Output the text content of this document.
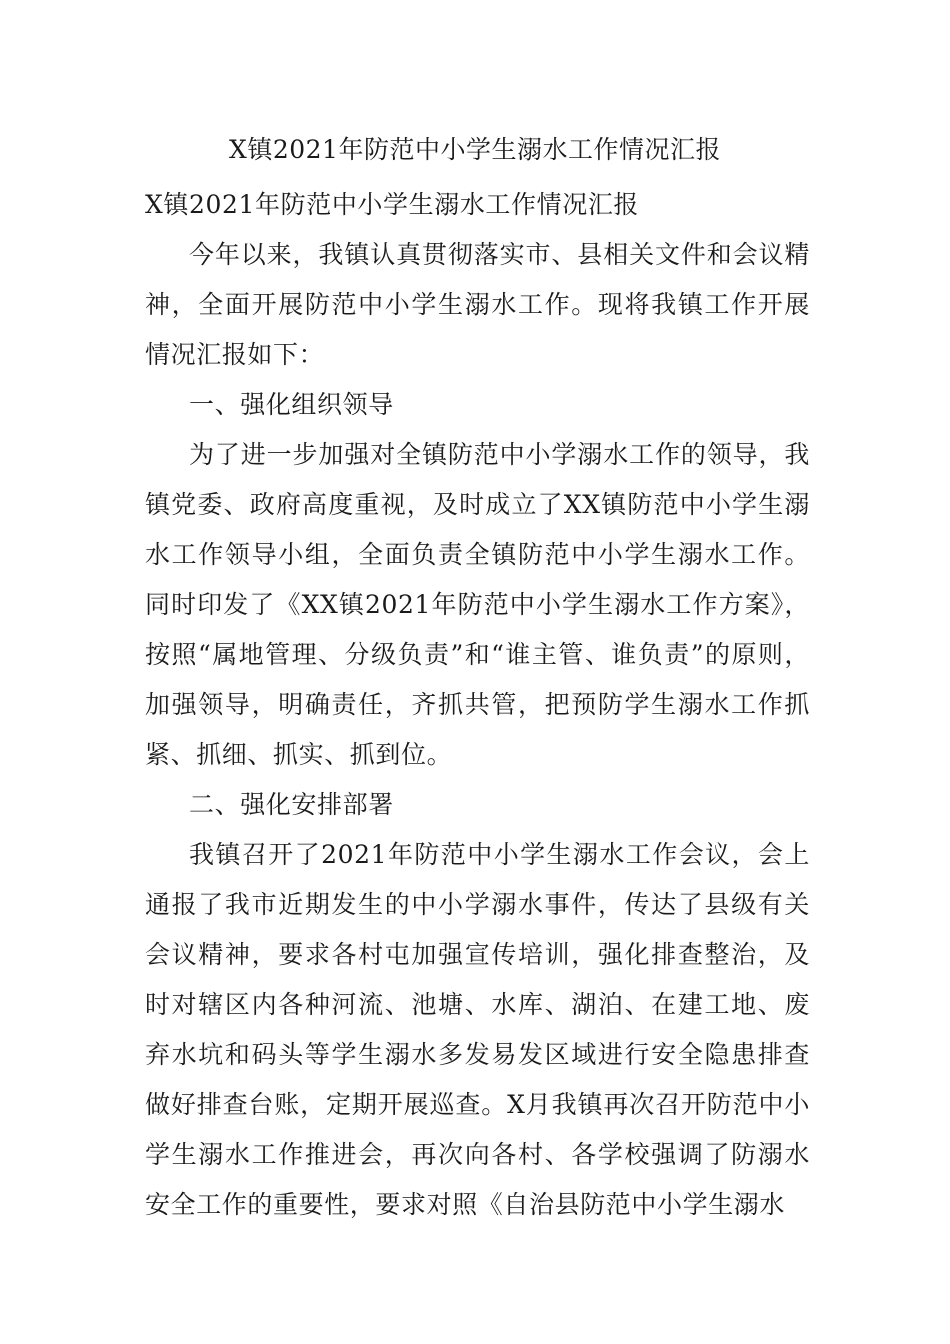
X镇2021年防范中小学生溺水工作情况汇报

X镇2021年防范中小学生溺水工作情况汇报

今年以来，我镇认真贯彻落实市、县相关文件和会议精神，全面开展防范中小学生溺水工作。现将我镇工作开展情况汇报如下：

一、强化组织领导

为了进一步加强对全镇防范中小学溺水工作的领导，我镇党委、政府高度重视，及时成立了XX镇防范中小学生溺水工作领导小组，全面负责全镇防范中小学生溺水工作。同时印发了《XX镇2021年防范中小学生溺水工作方案》，按照“属地管理、分级负责”和“谁主管、谁负责”的原则，加强领导，明确责任，齐抓共管，把预防学生溺水工作抓紧、抓细、抓实、抓到位。

二、强化安排部署

我镇召开了2021年防范中小学生溺水工作会议，会上通报了我市近期发生的中小学溺水事件，传达了县级有关会议精神，要求各村屯加强宣传培训，强化排查整治，及时对辖区内各种河流、池塘、水库、湖泊、在建工地、废弃水坑和码头等学生溺水多发易发区域进行安全隐患排查做好排查台账，定期开展巡查。X月我镇再次召开防范中小学生溺水工作推进会，再次向各村、各学校强调了防溺水安全工作的重要性，要求对照《自治县防范中小学生溺水
